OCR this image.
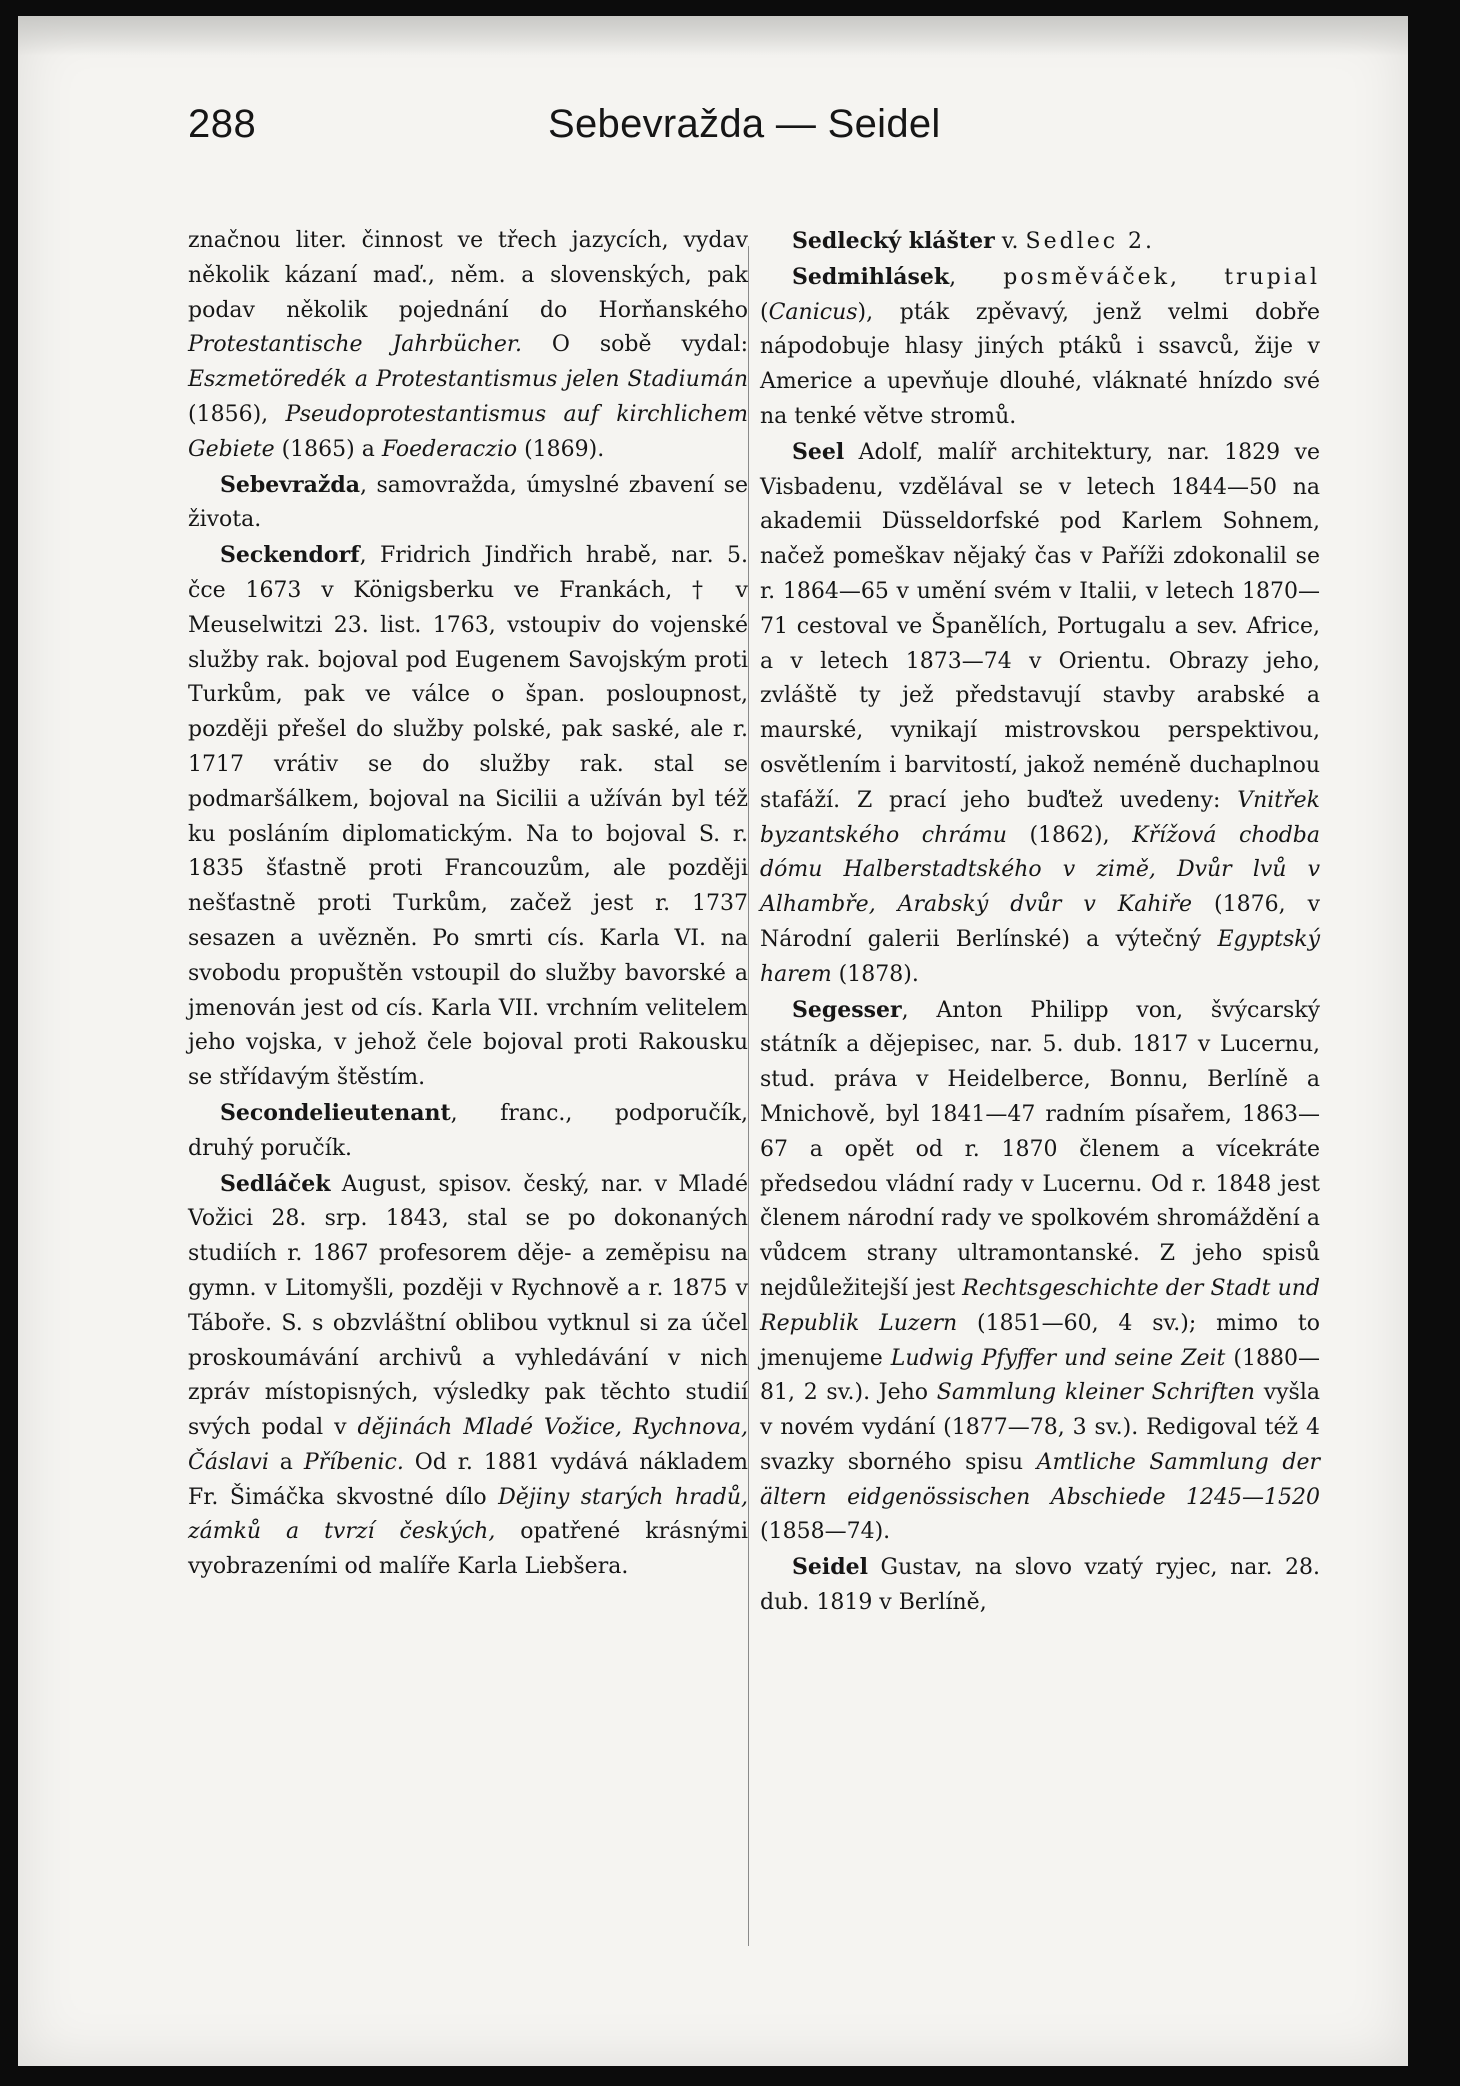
288	Sebevražda — Seidel

značnou liter. činnost ve třech jazycích, vydav několik kázaní maď., něm. a slovenských, pak podav několik pojednání do Horňanského Protestantische Jahrbücher. O sobě vydal: Eszmetöredék a Protestantismus jelen Stadiumán (1856), Pseudoprotestantismus auf kirchlichem Gebiete (1865) a Foederaczio (1869).

Sebevražda, samovražda, úmyslné zbavení se života.

Seckendorf, Fridrich Jindřich hrabě, nar. 5. čce 1673 v Königsberku ve Frankách, † v Meuselwitzi 23. list. 1763, vstoupiv do vojenské služby rak. bojoval pod Eugenem Savojským proti Turkům, pak ve válce o špan. posloupnost, později přešel do služby polské, pak saské, ale r. 1717 vrátiv se do služby rak. stal se podmaršálkem, bojoval na Sicilii a užíván byl též ku posláním diplomatickým. Na to bojoval S. r. 1835 šťastně proti Francouzům, ale později nešťastně proti Turkům, začež jest r. 1737 sesazen a uvězněn. Po smrti cís. Karla VI. na svobodu propuštěn vstoupil do služby bavorské a jmenován jest od cís. Karla VII. vrchním velitelem jeho vojska, v jehož čele bojoval proti Rakousku se střídavým štěstím.

Secondelieutenant, franc., podporučík, druhý poručík.

Sedláček August, spisov. český, nar. v Mladé Vožici 28. srp. 1843, stal se po dokonaných studiích r. 1867 profesorem děje- a zeměpisu na gymn. v Litomyšli, později v Rychnově a r. 1875 v Táboře. S. s obzvláštní oblibou vytknul si za účel proskoumávání archivů a vyhledávání v nich zpráv místopisných, výsledky pak těchto studií svých podal v dějinách Mladé Vožice, Rychnova, Čáslavi a Příbenic. Od r. 1881 vydává nákladem Fr. Šimáčka skvostné dílo Dějiny starých hradů, zámků a tvrzí českých, opatřené krásnými vyobrazeními od malíře Karla Liebšera.

Sedlecký klášter v. Sedlec 2.

Sedmihlásek, posměváček, trupial (Canicus), pták zpěvavý, jenž velmi dobře nápodobuje hlasy jiných ptáků i ssavců, žije v Americe a upevňuje dlouhé, vláknaté hnízdo své na tenké větve stromů.

Seel Adolf, malíř architektury, nar. 1829 ve Visbadenu, vzdělával se v letech 1844—50 na akademii Düsseldorfské pod Karlem Sohnem, načež pomeškav nějaký čas v Paříži zdokonalil se r. 1864—65 v umění svém v Italii, v letech 1870—71 cestoval ve Španělích, Portugalu a sev. Africe, a v letech 1873—74 v Orientu. Obrazy jeho, zvláště ty jež představují stavby arabské a maurské, vynikají mistrovskou perspektivou, osvětlením i barvitostí, jakož neméně duchaplnou stafáží. Z prací jeho buďtež uvedeny: Vnitřek byzantského chrámu (1862), Křížová chodba dómu Halberstadtského v zimě, Dvůr lvů v Alhambře, Arabský dvůr v Kahiře (1876, v Národní galerii Berlínské) a výtečný Egyptský harem (1878).

Segesser, Anton Philipp von, švýcarský státník a dějepisec, nar. 5. dub. 1817 v Lucernu, stud. práva v Heidelberce, Bonnu, Berlíně a Mnichově, byl 1841—47 radním písařem, 1863—67 a opět od r. 1870 členem a vícekráte předsedou vládní rady v Lucernu. Od r. 1848 jest členem národní rady ve spolkovém shromáždění a vůdcem strany ultramontanské. Z jeho spisů nejdůležitejší jest Rechtsgeschichte der Stadt und Republik Luzern (1851—60, 4 sv.); mimo to jmenujeme Ludwig Pfyffer und seine Zeit (1880—81, 2 sv.). Jeho Sammlung kleiner Schriften vyšla v novém vydání (1877—78, 3 sv.). Redigoval též 4 svazky sborného spisu Amtliche Sammlung der ältern eidgenössischen Abschiede 1245—1520 (1858—74).

Seidel Gustav, na slovo vzatý ryjec, nar. 28. dub. 1819 v Berlíně,
